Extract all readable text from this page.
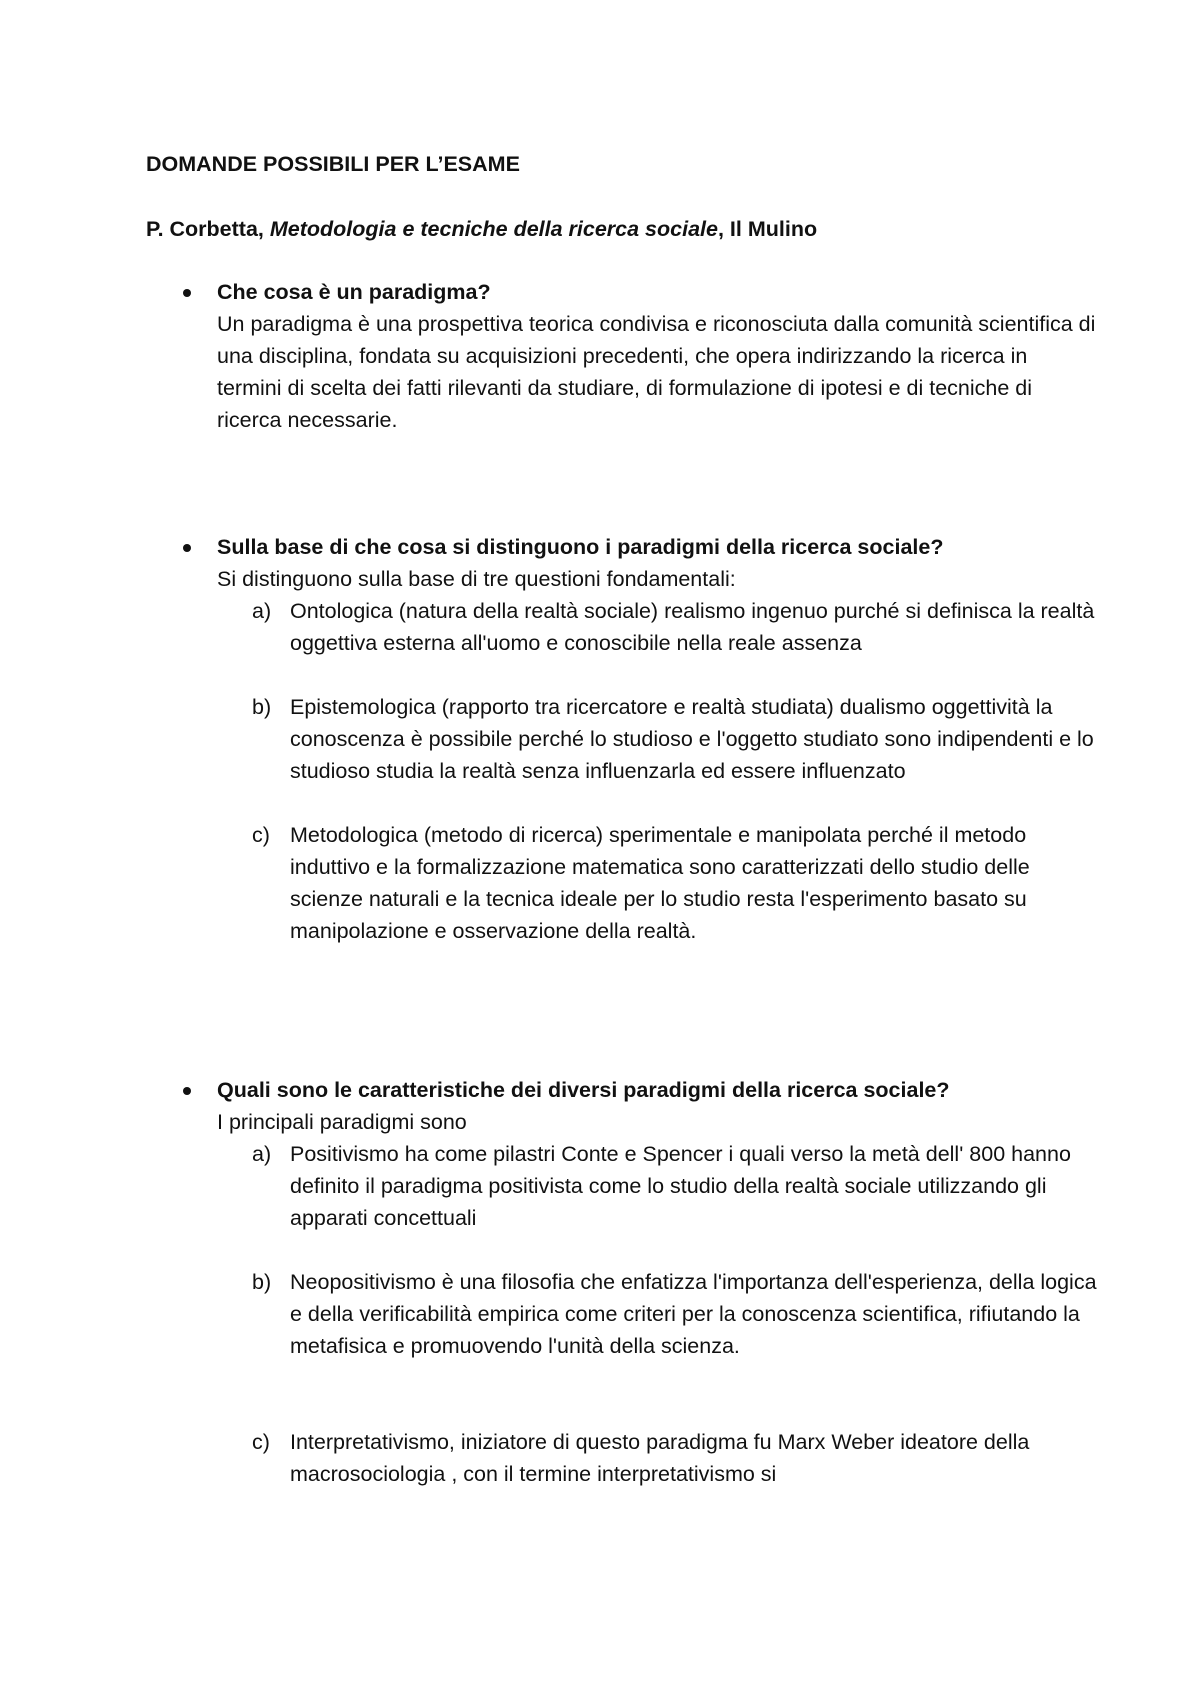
DOMANDE POSSIBILI PER L’ESAME
P. Corbetta, Metodologia e tecniche della ricerca sociale, Il Mulino

Che cosa è un paradigma?

Un paradigma è una prospettiva teorica condivisa e riconosciuta dalla comunità scientifica di una disciplina, fondata su acquisizioni precedenti, che opera indirizzando la ricerca in termini di scelta dei fatti rilevanti da studiare, di formulazione di ipotesi e di tecniche di ricerca necessarie.

Sulla base di che cosa si distinguono i paradigmi della ricerca sociale?

Si distinguono sulla base di tre questioni fondamentali:

a) Ontologica (natura della realtà sociale) realismo ingenuo purché si definisca la realtà oggettiva esterna all'uomo e conoscibile nella reale assenza
b) Epistemologica (rapporto tra ricercatore e realtà studiata) dualismo oggettività la conoscenza è possibile perché lo studioso e l'oggetto studiato sono indipendenti e lo studioso studia la realtà senza influenzarla ed essere influenzato
c) Metodologica (metodo di ricerca) sperimentale e manipolata perché il metodo induttivo e la formalizzazione matematica sono caratterizzati dello studio delle scienze naturali e la tecnica ideale per lo studio resta l'esperimento basato su manipolazione e osservazione della realtà.

Quali sono le caratteristiche dei diversi paradigmi della ricerca sociale?

I principali paradigmi sono

a) Positivismo ha come pilastri Conte e Spencer i quali verso la metà dell' 800 hanno definito il paradigma positivista come lo studio della realtà sociale utilizzando gli apparati concettuali
b) Neopositivismo è una filosofia che enfatizza l'importanza dell'esperienza, della logica e della verificabilità empirica come criteri per la conoscenza scientifica, rifiutando la metafisica e promuovendo l'unità della scienza.
c) Interpretativismo, iniziatore di questo paradigma fu Marx Weber ideatore della macrosociologia , con il termine interpretativismo si
